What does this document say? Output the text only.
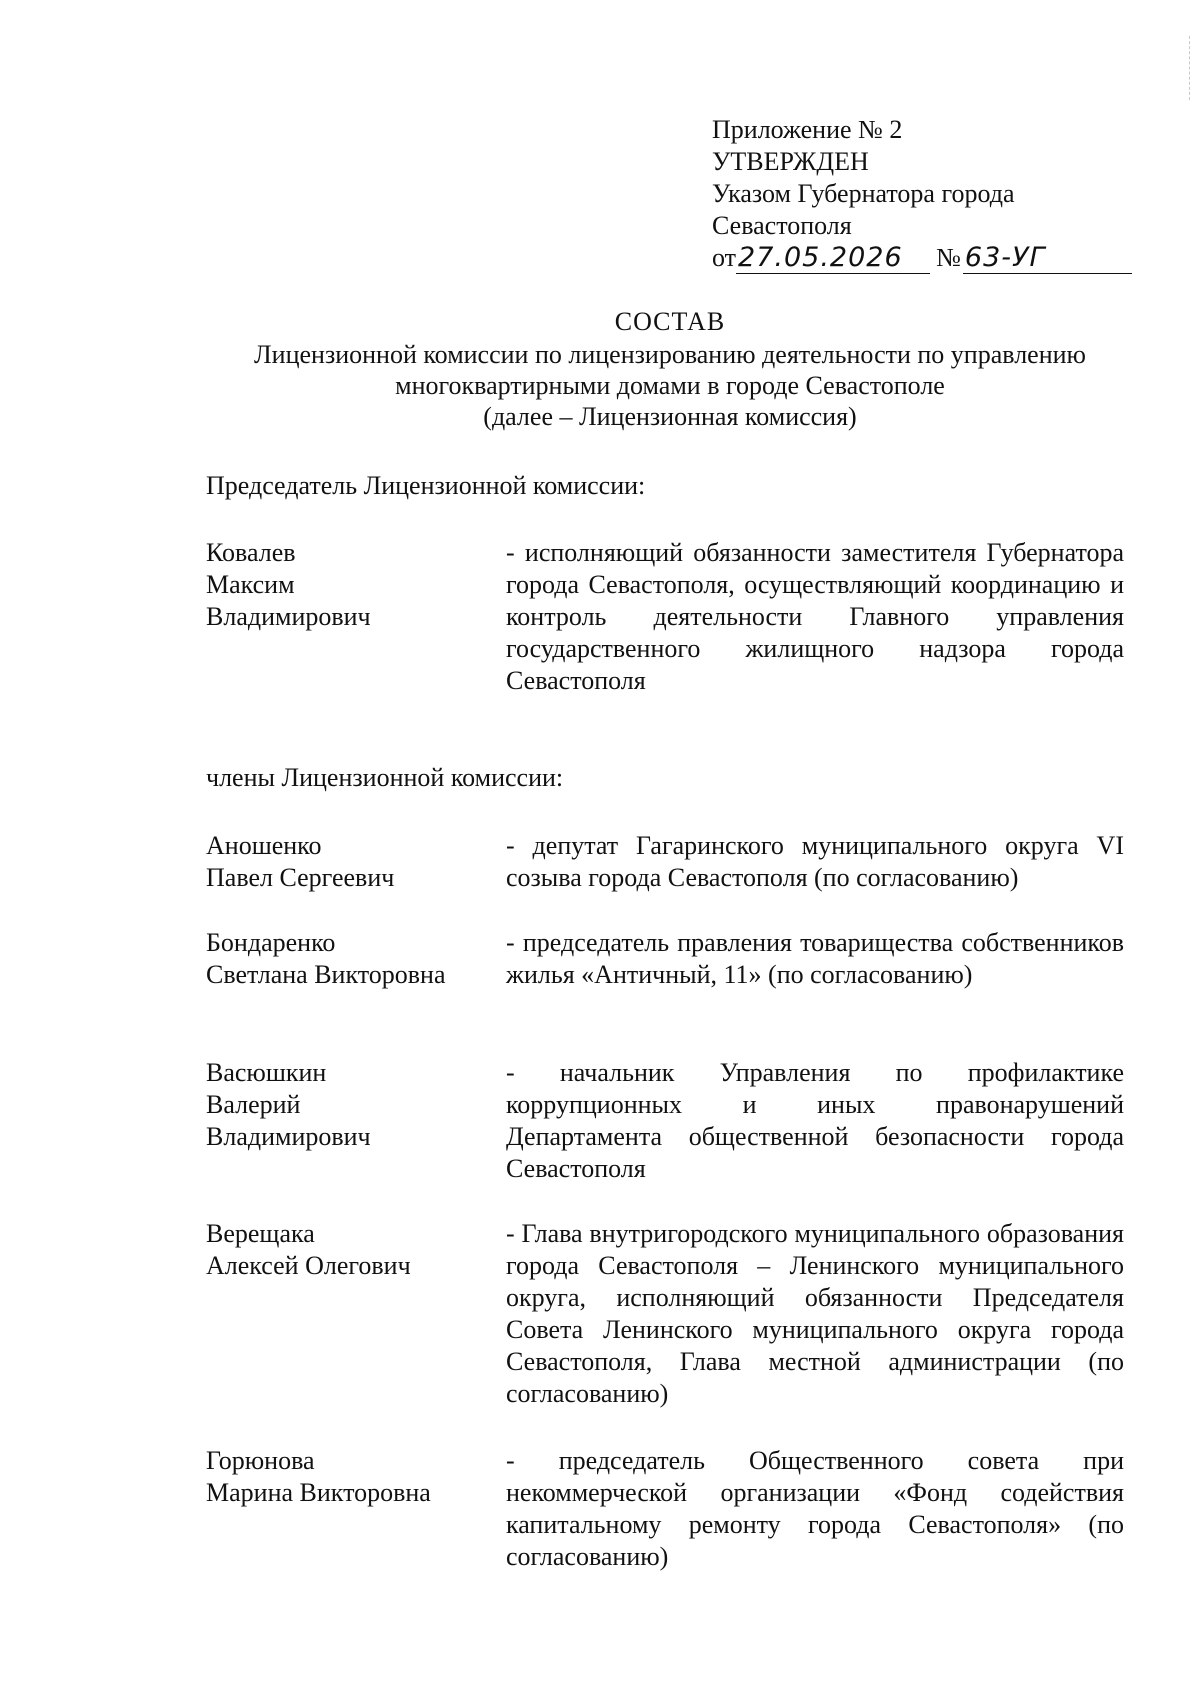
Приложение № 2
УТВЕРЖДЕН
Указом Губернатора города
Севастополя
от 27.05.2026	№ 63-УГ
СОСТАВ
Лицензионной комиссии по лицензированию деятельности по управлению
многоквартирными домами в городе Севастополе
(далее – Лицензионная комиссия)
Председатель Лицензионной комиссии:
Ковалев
Максим
Владимирович
- исполняющий обязанности заместителя Губернатора города Севастополя, осуществляющий координацию и контроль деятельности Главного управления государственного жилищного надзора города Севастополя
члены Лицензионной комиссии:
Аношенко
Павел Сергеевич
- депутат Гагаринского муниципального округа VI созыва города Севастополя (по согласованию)
Бондаренко
Светлана Викторовна
- председатель правления товарищества собственников жилья «Античный, 11» (по согласованию)
Васюшкин
Валерий
Владимирович
- начальник Управления по профилактике коррупционных и иных правонарушений Департамента общественной безопасности города Севастополя
Верещака
Алексей Олегович
- Глава внутригородского муниципального образования города Севастополя – Ленинского муниципального округа, исполняющий обязанности Председателя Совета Ленинского муниципального округа города Севастополя, Глава местной администрации (по согласованию)
Горюнова
Марина Викторовна
- председатель Общественного совета при некоммерческой организации «Фонд содействия капитальному ремонту города Севастополя» (по согласованию)
